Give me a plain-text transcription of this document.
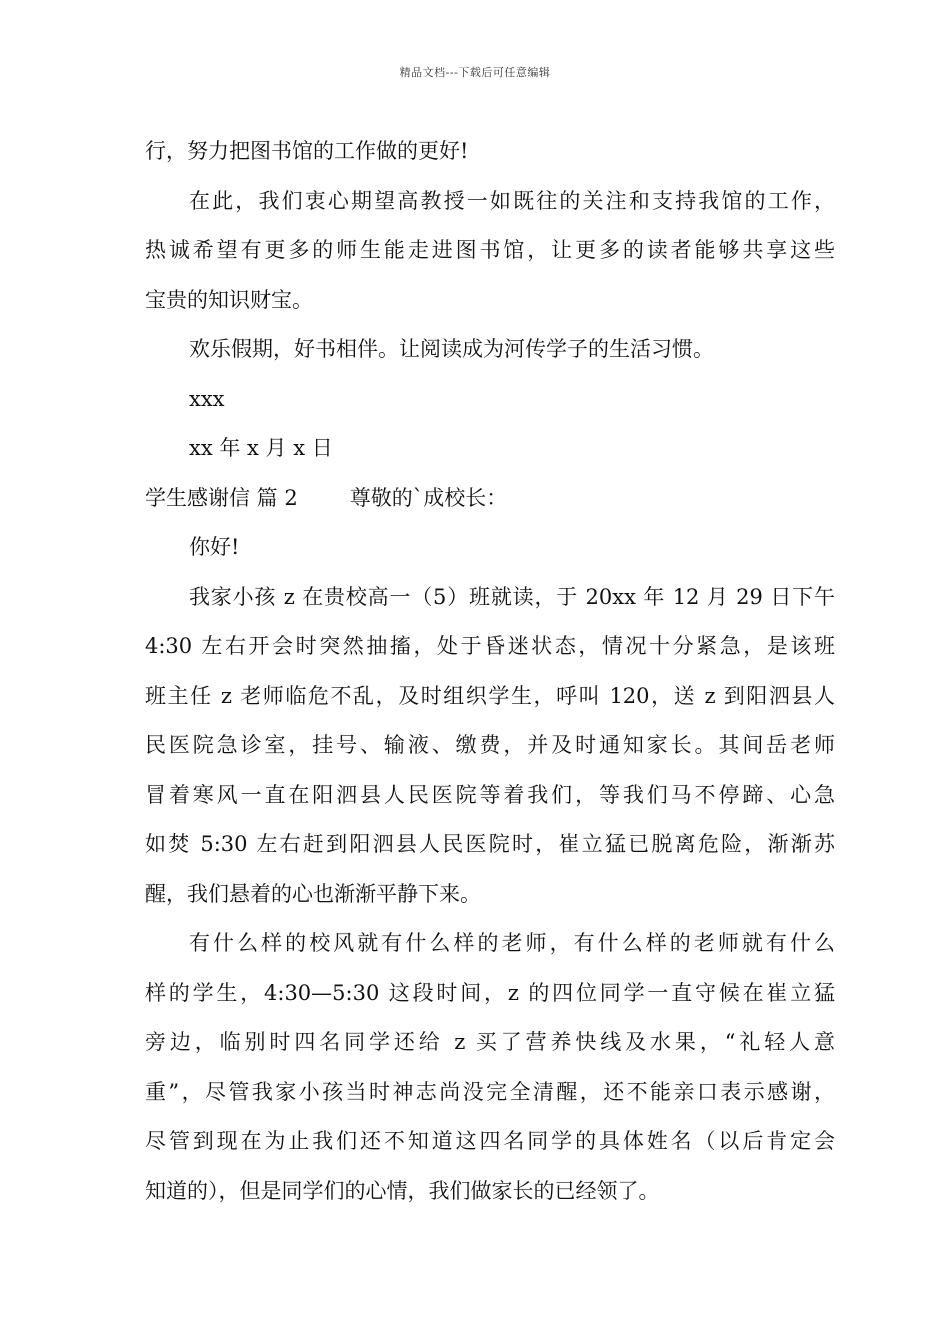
精品文档---下载后可任意编辑
行，努力把图书馆的工作做的更好!
在此，我们衷心期望高教授一如既往的关注和支持我馆的工作，
热诚希望有更多的师生能走进图书馆，让更多的读者能够共享这些
宝贵的知识财宝。
欢乐假期，好书相伴。让阅读成为河传学子的生活习惯。
xxx
xx 年 x 月 x 日
学生感谢信 篇 2 尊敬的`成校长：
你好!
我家小孩 z 在贵校高一（5）班就读，于 20xx 年 12 月 29 日下午
4:30 左右开会时突然抽搐，处于昏迷状态，情况十分紧急，是该班
班主任 z 老师临危不乱，及时组织学生，呼叫 120，送 z 到阳泗县人
民医院急诊室，挂号、输液、缴费，并及时通知家长。其间岳老师
冒着寒风一直在阳泗县人民医院等着我们，等我们马不停蹄、心急
如焚 5:30 左右赶到阳泗县人民医院时，崔立猛已脱离危险，渐渐苏
醒，我们悬着的心也渐渐平静下来。
有什么样的校风就有什么样的老师，有什么样的老师就有什么
样的学生，4:30—5:30 这段时间，z 的四位同学一直守候在崔立猛
旁边，临别时四名同学还给 z 买了营养快线及水果，“礼轻人意
重”，尽管我家小孩当时神志尚没完全清醒，还不能亲口表示感谢，
尽管到现在为止我们还不知道这四名同学的具体姓名（以后肯定会
知道的），但是同学们的心情，我们做家长的已经领了。
